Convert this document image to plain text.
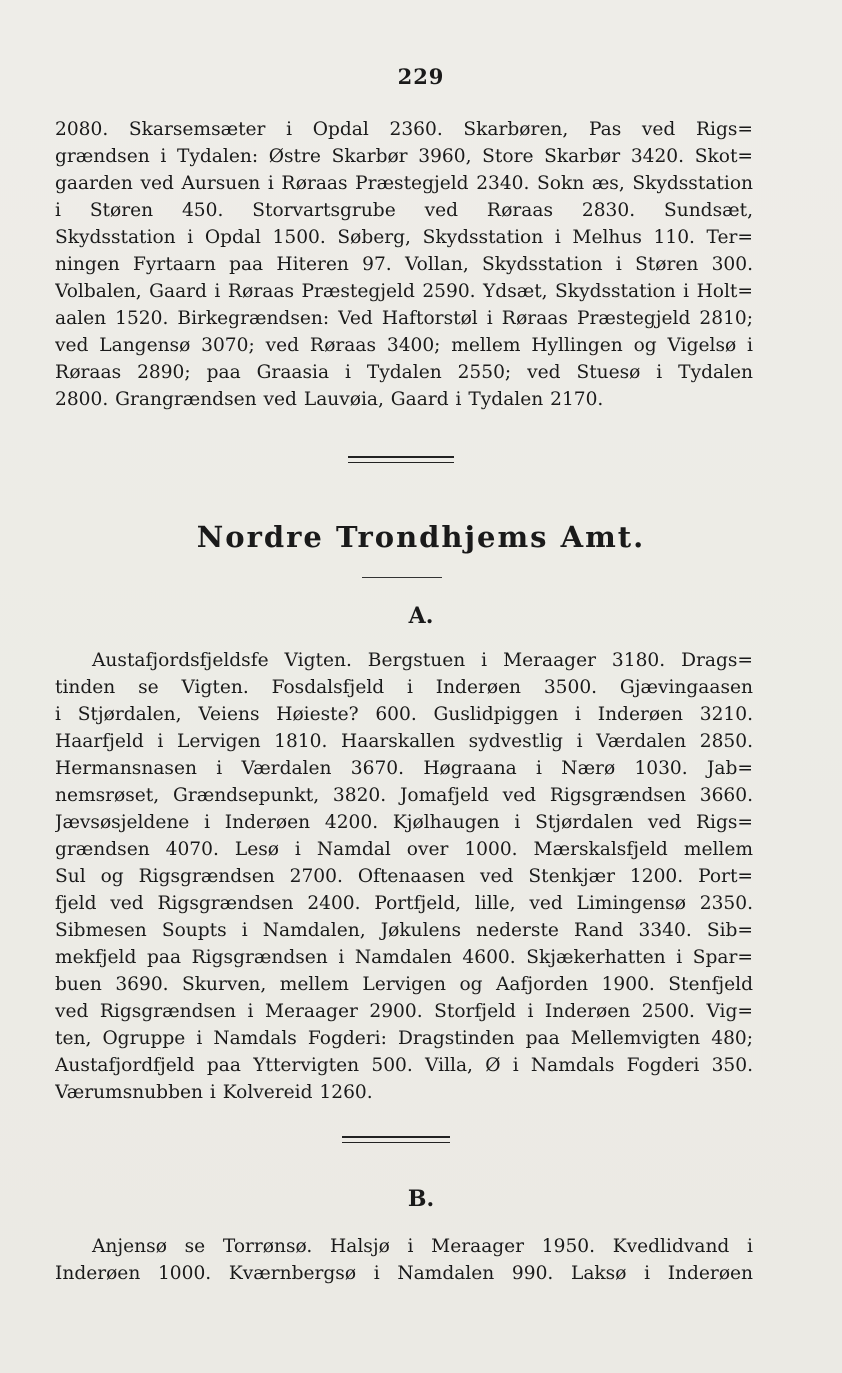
229
2080. Skarsemsæter i Opdal 2360. Skarbøren, Pas ved Rigs=
grændsen i Tydalen: Østre Skarbør 3960, Store Skarbør 3420. Skot=
gaarden ved Aursuen i Røraas Præstegjeld 2340. Sokn æs, Skydsstation
i Støren 450. Storvartsgrube ved Røraas 2830. Sundsæt,
Skydsstation i Opdal 1500. Søberg, Skydsstation i Melhus 110. Ter=
ningen Fyrtaarn paa Hiteren 97. Vollan, Skydsstation i Støren 300.
Volbalen, Gaard i Røraas Præstegjeld 2590. Ydsæt, Skydsstation i Holt=
aalen 1520. Birkegrændsen: Ved Haftorstøl i Røraas Præstegjeld 2810;
ved Langensø 3070; ved Røraas 3400; mellem Hyllingen og Vigelsø i
Røraas 2890; paa Graasia i Tydalen 2550; ved Stuesø i Tydalen
2800. Grangrændsen ved Lauvøia, Gaard i Tydalen 2170.
Nordre Trondhjems Amt.
A.
Austafjordsfjeldsfe Vigten. Bergstuen i Meraager 3180. Drags=
tinden se Vigten. Fosdalsfjeld i Inderøen 3500. Gjævingaasen
i Stjørdalen, Veiens Høieste? 600. Guslidpiggen i Inderøen 3210.
Haarfjeld i Lervigen 1810. Haarskallen sydvestlig i Værdalen 2850.
Hermansnasen i Værdalen 3670. Høgraana i Nærø 1030. Jab=
nemsrøset, Grændsepunkt, 3820. Jomafjeld ved Rigsgrændsen 3660.
Jævsøsjeldene i Inderøen 4200. Kjølhaugen i Stjørdalen ved Rigs=
grændsen 4070. Lesø i Namdal over 1000. Mærskalsfjeld mellem
Sul og Rigsgrændsen 2700. Oftenaasen ved Stenkjær 1200. Port=
fjeld ved Rigsgrændsen 2400. Portfjeld, lille, ved Limingensø 2350.
Sibmesen Soupts i Namdalen, Jøkulens nederste Rand 3340. Sib=
mekfjeld paa Rigsgrændsen i Namdalen 4600. Skjækerhatten i Spar=
buen 3690. Skurven, mellem Lervigen og Aafjorden 1900. Stenfjeld
ved Rigsgrændsen i Meraager 2900. Storfjeld i Inderøen 2500. Vig=
ten, Ogruppe i Namdals Fogderi: Dragstinden paa Mellemvigten 480;
Austafjordfjeld paa Yttervigten 500. Villa, Ø i Namdals Fogderi 350.
Værumsnubben i Kolvereid 1260.
B.
Anjensø se Torrønsø. Halsjø i Meraager 1950. Kvedlidvand i
Inderøen 1000. Kværnbergsø i Namdalen 990. Laksø i Inderøen
